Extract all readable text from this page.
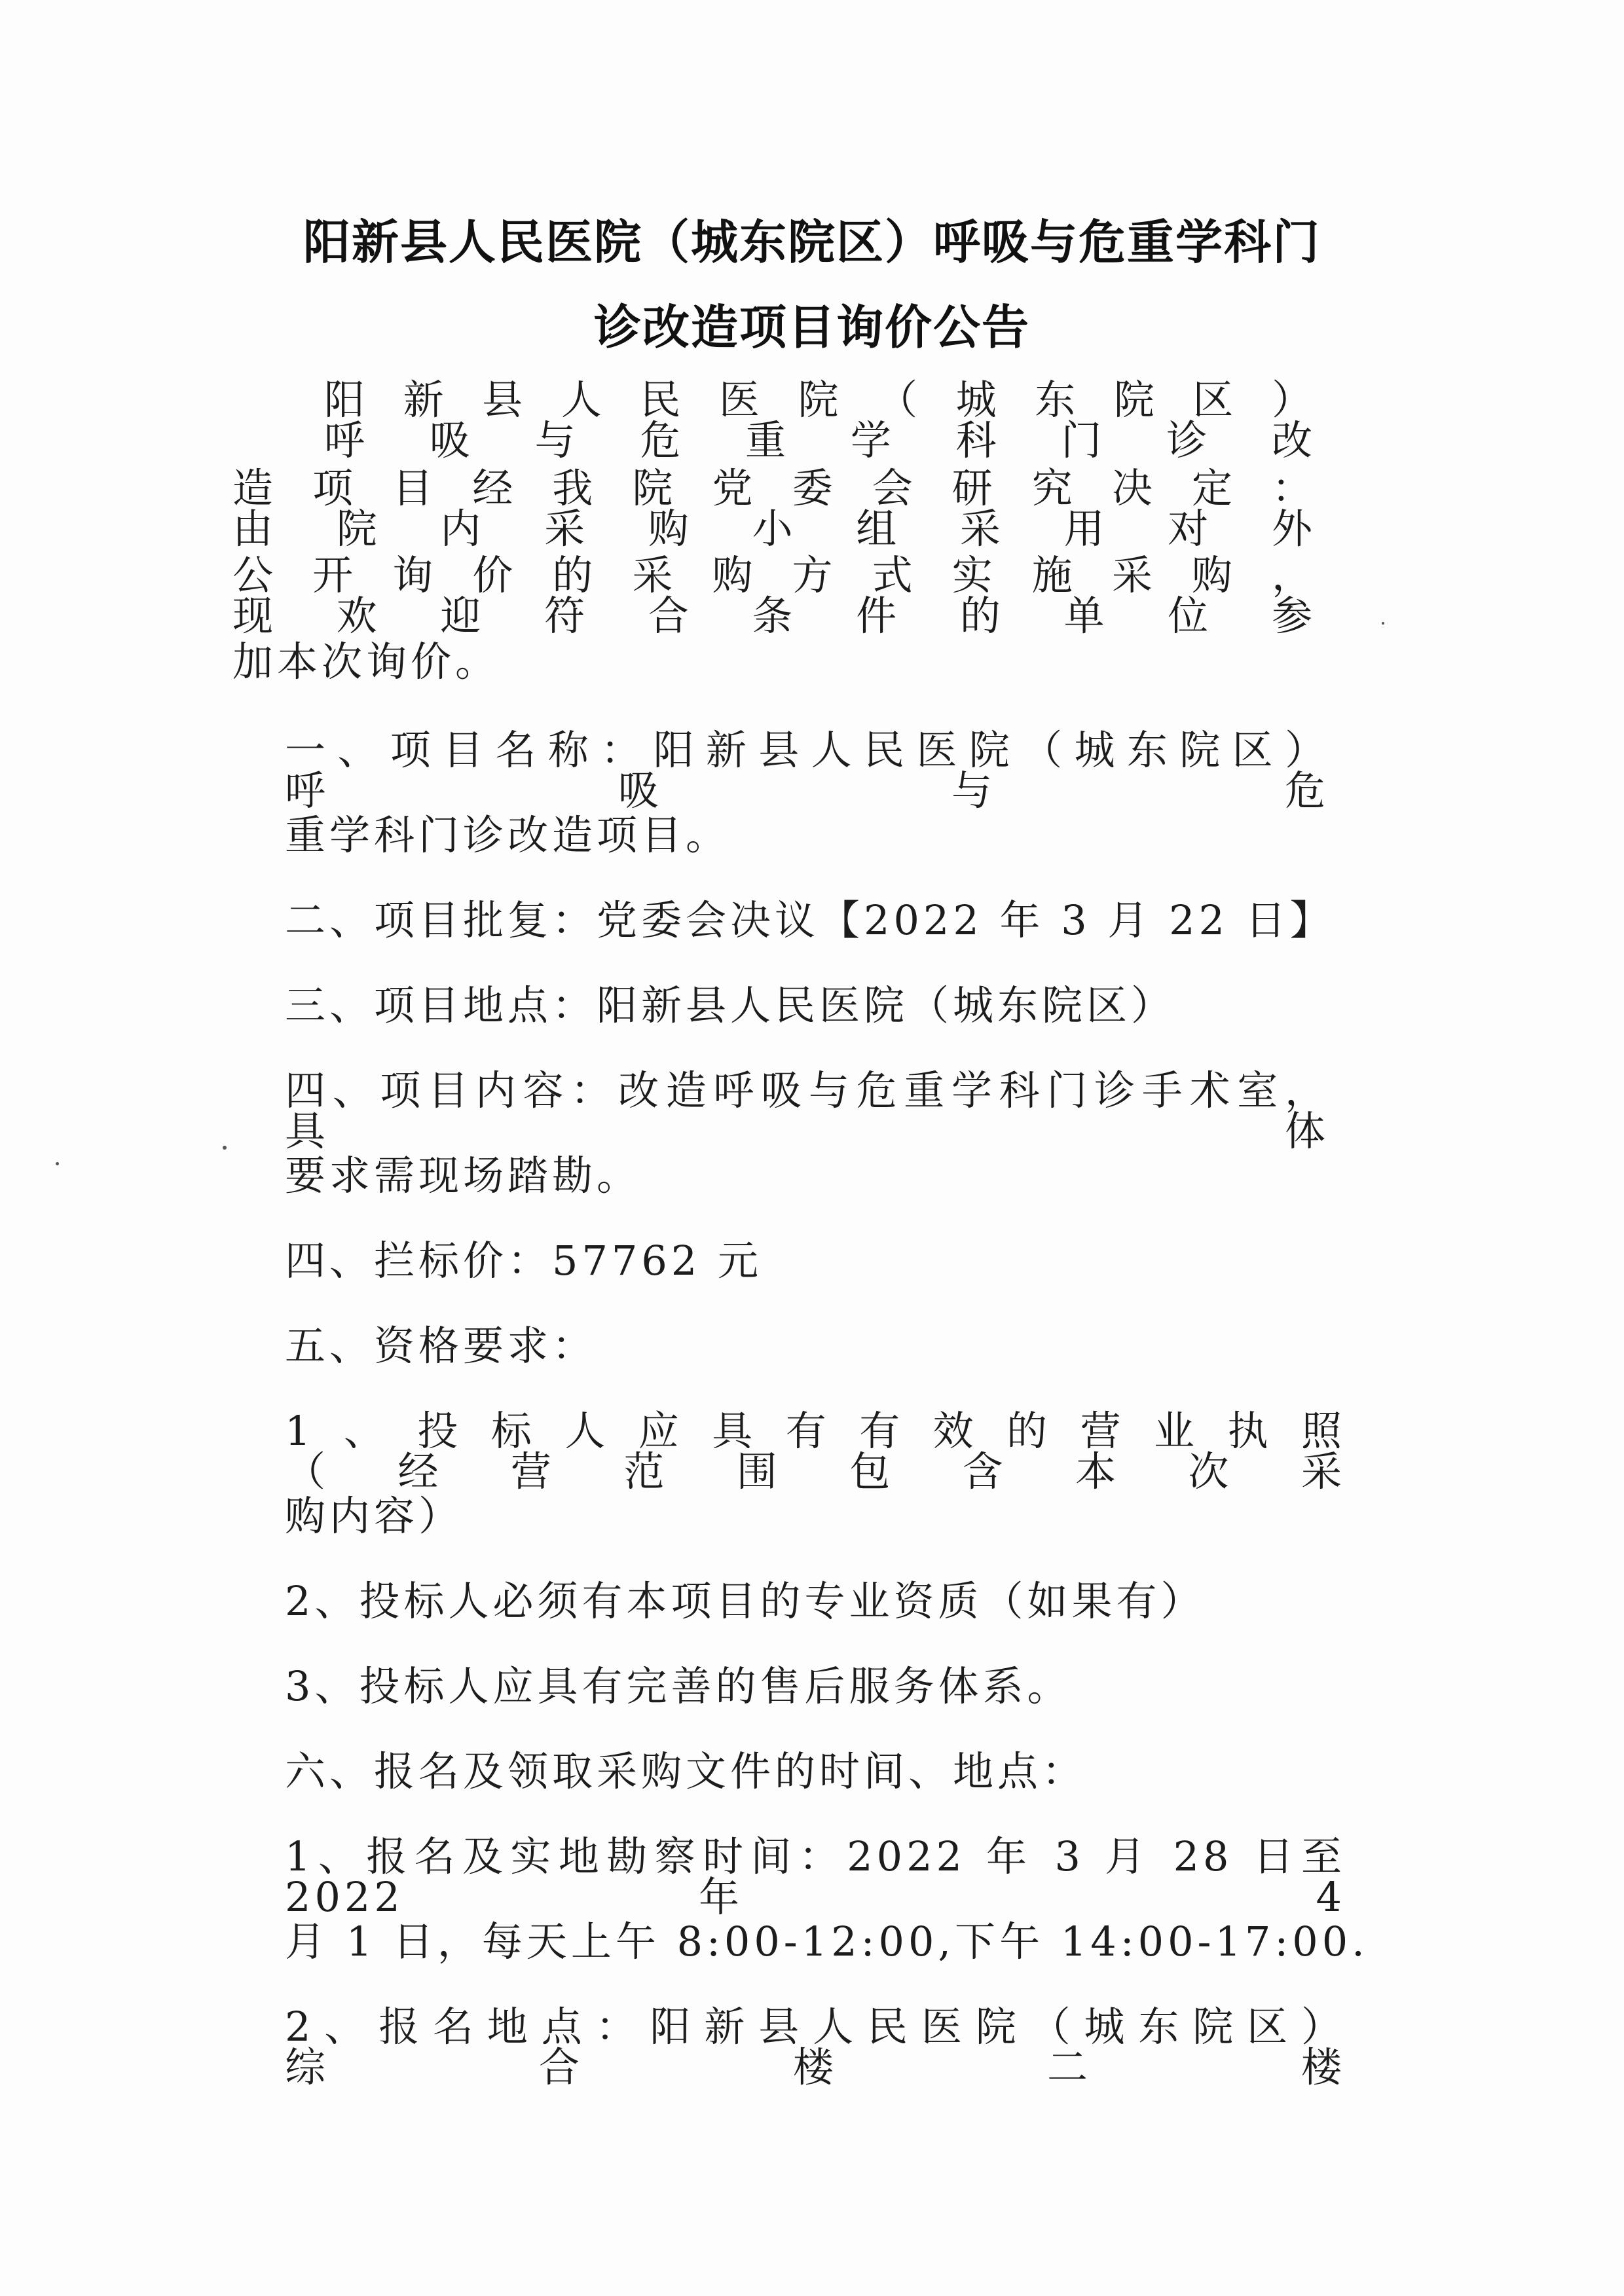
阳新县人民医院（城东院区）呼吸与危重学科门
诊改造项目询价公告
阳新县人民医院（城东院区）呼吸与危重学科门诊改
造项目经我院党委会研究决定：由院内采购小组采用对外
公开询价的采购方式实施采购，现欢迎符合条件的单位参
加本次询价。
一、项目名称：阳新县人民医院（城东院区）呼吸与危
重学科门诊改造项目。
二、项目批复：党委会决议【2022 年 3 月 22 日】
三、项目地点：阳新县人民医院（城东院区）
四、项目内容：改造呼吸与危重学科门诊手术室，具体
要求需现场踏勘。
四、拦标价：57762 元
五、资格要求：
1、投标人应具有有效的营业执照（经营范围包含本次采
购内容）
2、投标人必须有本项目的专业资质（如果有）
3、投标人应具有完善的售后服务体系。
六、报名及领取采购文件的时间、地点：
1、报名及实地勘察时间：2022 年 3 月 28 日至 2022 年 4
月 1 日，每天上午 8:00-12:00,下午 14:00-17:00.
2、报名地点：阳新县人民医院（城东院区）综合楼二楼
